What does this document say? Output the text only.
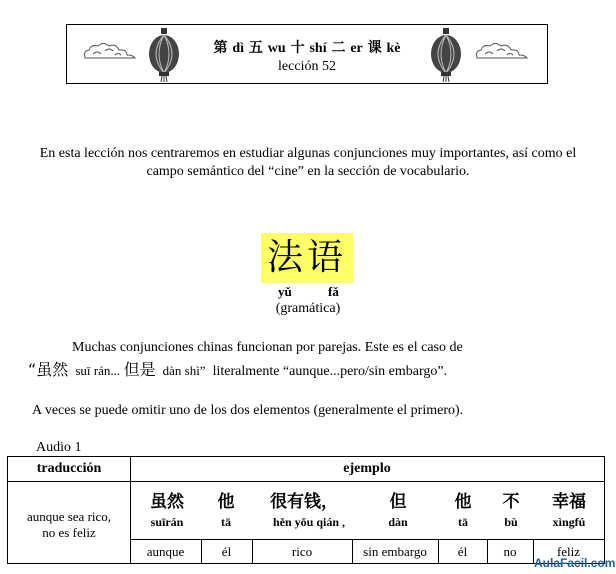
第 dì 五 wu 十 shí 二 er 课 kè
lección 52

En esta lección nos centraremos en estudiar algunas conjunciones muy importantes, así como el campo semántico del “cine” en la sección de vocabulario.

法语
yǔ	fǎ
(gramática)
Muchas conjunciones chinas funcionan por parejas. Este es el caso de
“虽然 suī rán... 但是 dàn shì” literalmente “aunque...pero/sin embargo”.
A veces se puede omitir uno de los dos elementos (generalmente el primero).
Audio 1
traducción	ejemplo
aunque sea rico,
no es feliz
虽然	他	很有钱，	但	他	不	幸福
suīrán	tā	hěn yǒu qián ,	dàn	tā	bù	xìngfú
aunque	él	rico	sin embargo	él	no	feliz
AulaFacil.com
